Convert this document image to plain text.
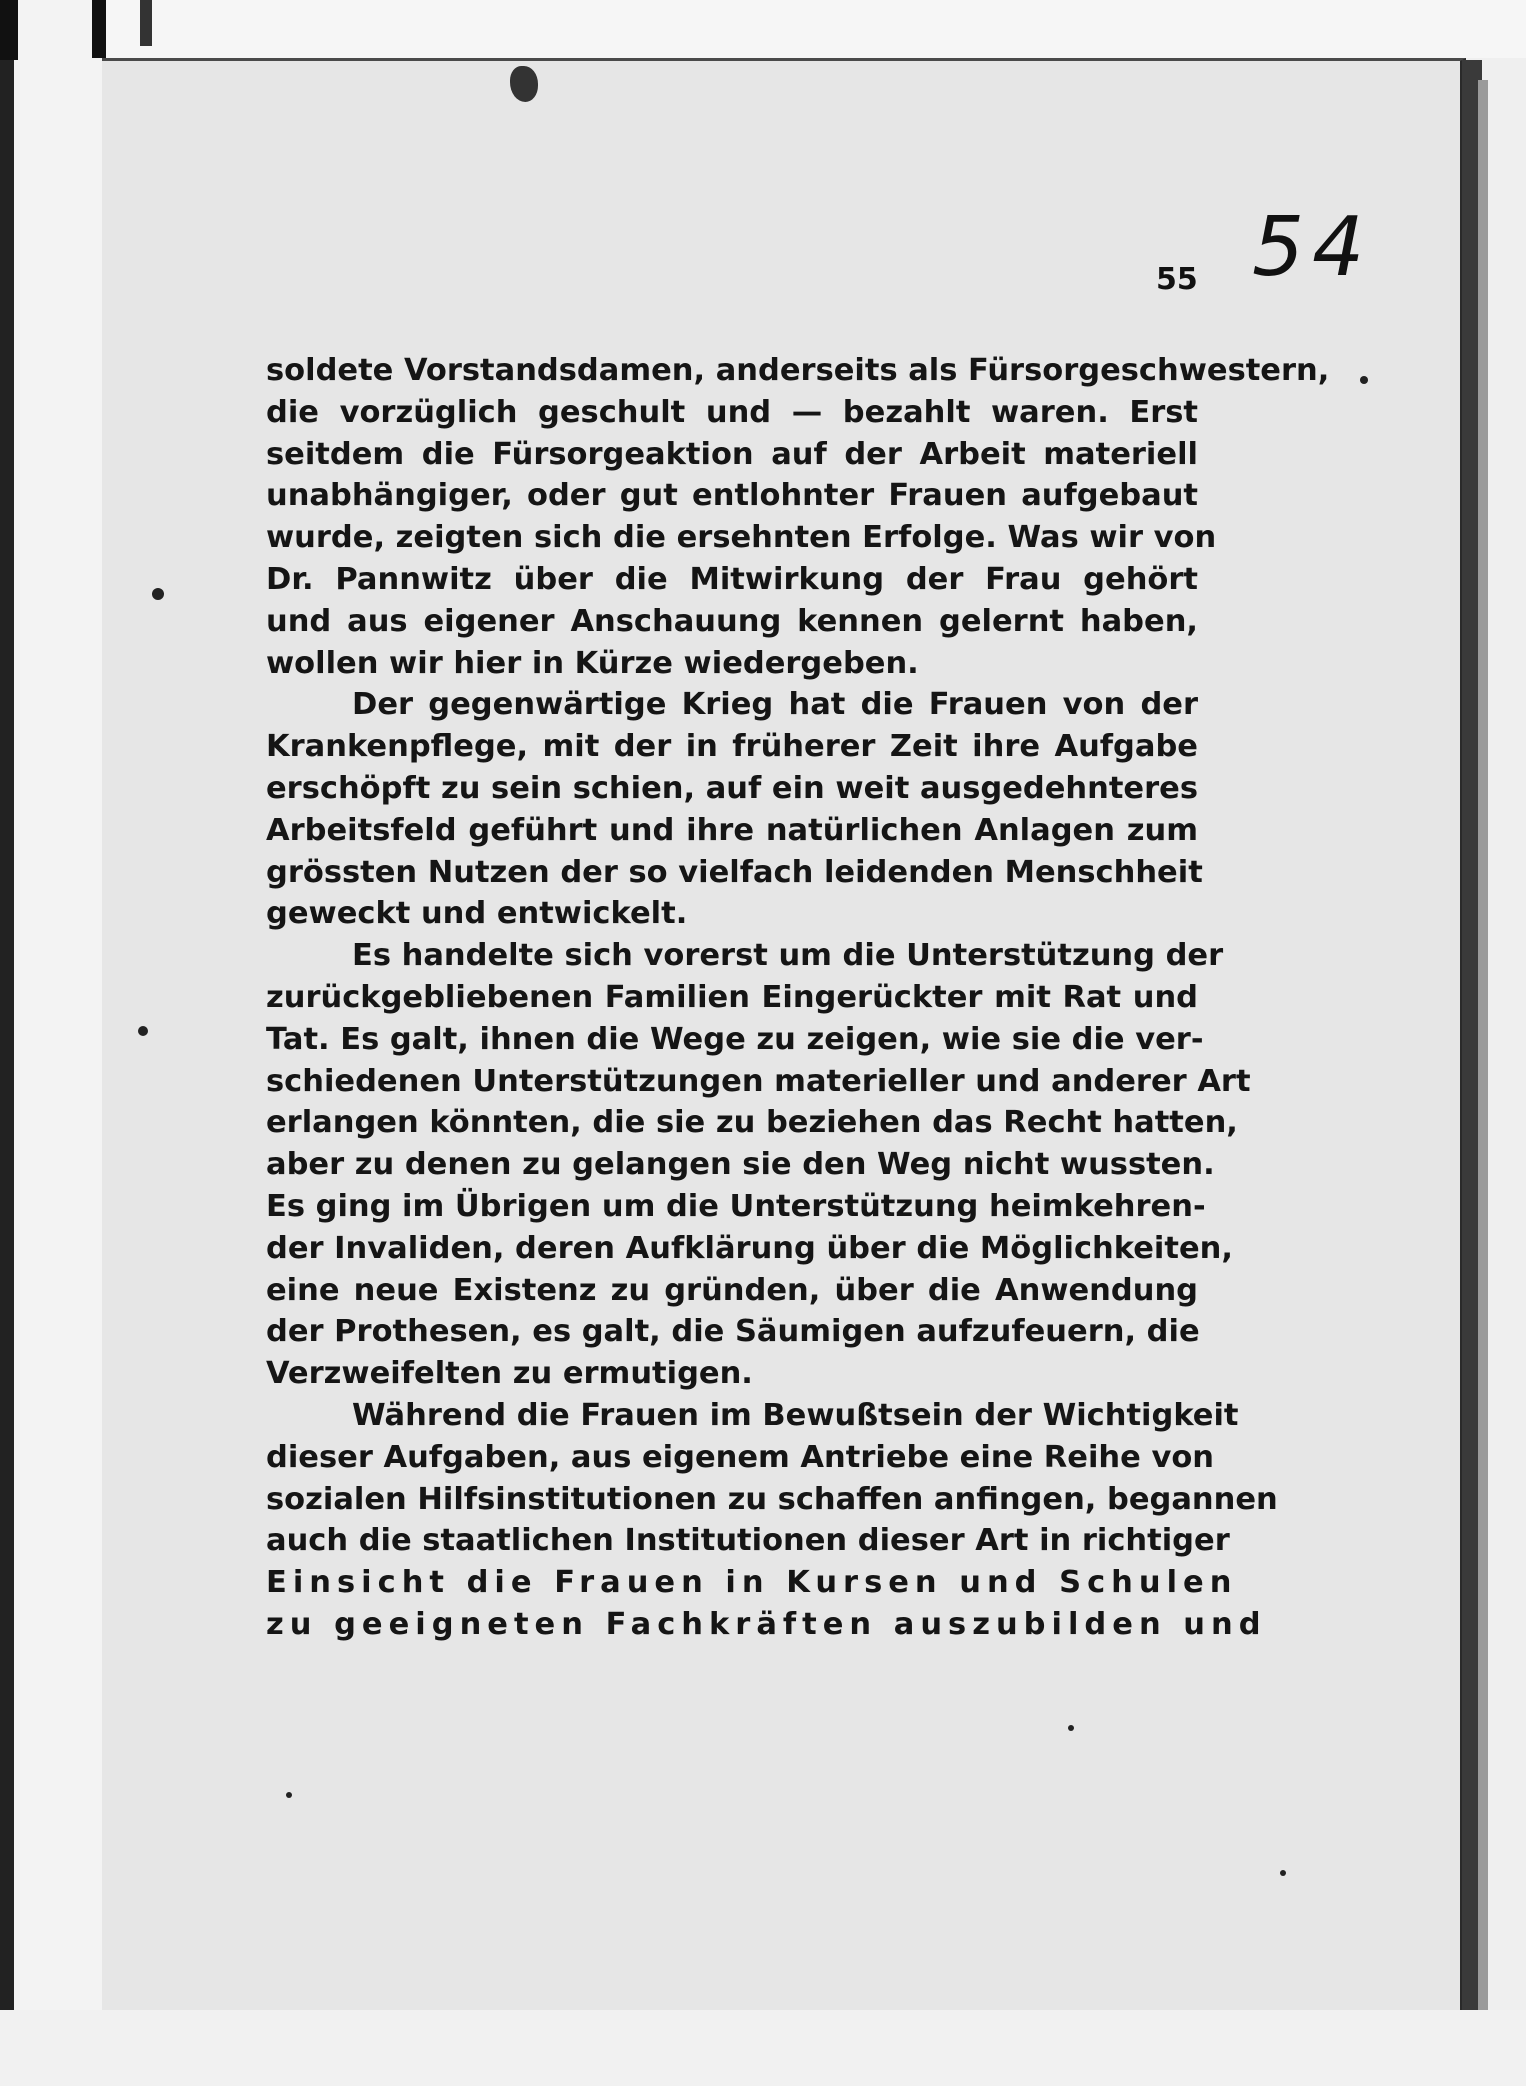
54
55
soldete Vorstandsdamen, anderseits als Fürsorgeschwestern,
die vorzüglich geschult und — bezahlt waren. Erst
seitdem die Fürsorgeaktion auf der Arbeit materiell
unabhängiger, oder gut entlohnter Frauen aufgebaut
wurde, zeigten sich die ersehnten Erfolge. Was wir von
Dr. Pannwitz über die Mitwirkung der Frau gehört
und aus eigener Anschauung kennen gelernt haben,
wollen wir hier in Kürze wiedergeben.
Der gegenwärtige Krieg hat die Frauen von der
Krankenpflege, mit der in früherer Zeit ihre Aufgabe
erschöpft zu sein schien, auf ein weit ausgedehnteres
Arbeitsfeld geführt und ihre natürlichen Anlagen zum
grössten Nutzen der so vielfach leidenden Menschheit
geweckt und entwickelt.
Es handelte sich vorerst um die Unterstützung der
zurückgebliebenen Familien Eingerückter mit Rat und
Tat. Es galt, ihnen die Wege zu zeigen, wie sie die ver-
schiedenen Unterstützungen materieller und anderer Art
erlangen könnten, die sie zu beziehen das Recht hatten,
aber zu denen zu gelangen sie den Weg nicht wussten.
Es ging im Übrigen um die Unterstützung heimkehren-
der Invaliden, deren Aufklärung über die Möglichkeiten,
eine neue Existenz zu gründen, über die Anwendung
der Prothesen, es galt, die Säumigen aufzufeuern, die
Verzweifelten zu ermutigen.
Während die Frauen im Bewußtsein der Wichtigkeit
dieser Aufgaben, aus eigenem Antriebe eine Reihe von
sozialen Hilfsinstitutionen zu schaffen anfingen, begannen
auch die staatlichen Institutionen dieser Art in richtiger
Einsicht die Frauen in Kursen und Schulen
zu geeigneten Fachkräften auszubilden und
